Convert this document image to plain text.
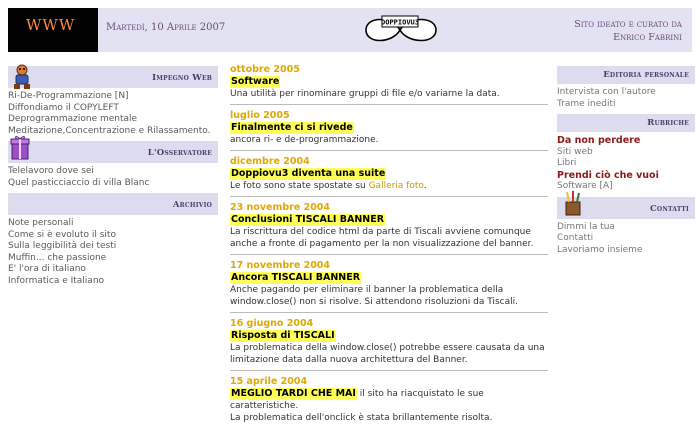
WWW	Martedì, 10 Aprile 2007	DOPPIOVU3	Sito ideato e curato da
Enrico Fabrini
Impegno Web
Ri-De-Programmazione [N]
Diffondiamo il COPYLEFT
Deprogrammazione mentale
Meditazione,Concentrazione e Rilassamento.
L'Osservatore
Telelavoro dove sei
Quel pasticciaccio di villa Blanc
Archivio
Note personali
Come si è evoluto il sito
Sulla leggibilità dei testi
Muffin... che passione
E' l'ora di italiano
Informatica e Italiano
ottobre 2005
Software
Una utilità per rinominare gruppi di file e/o variarne la data.
luglio 2005
Finalmente ci si rivede
ancora ri- e de-programmazione.
dicembre 2004
Doppiovu3 diventa una suite
Le foto sono state spostate su Galleria foto.
23 novembre 2004
Conclusioni TISCALI BANNER
La riscrittura del codice html da parte di Tiscali avviene comunque anche a fronte di pagamento per la non visualizzazione del banner.
17 novembre 2004
Ancora TISCALI BANNER
Anche pagando per eliminare il banner la problematica della window.close() non si risolve. Si attendono risoluzioni da Tiscali.
16 giugno 2004
Risposta di TISCALI
La problematica della window.close() potrebbe essere causata da una limitazione data dalla nuova architettura del Banner.
15 aprile 2004
MEGLIO TARDI CHE MAI il sito ha riacquistato le sue caratteristiche.
La problematica dell'onclick è stata brillantemente risolta.
Editoria personale
Intervista con l'autore
Trame inediti
Rubriche
Da non perdere
Siti web
Libri
Prendi ciò che vuoi
Software [A]
Contatti
Dimmi la tua
Contatti
Lavoriamo insieme
